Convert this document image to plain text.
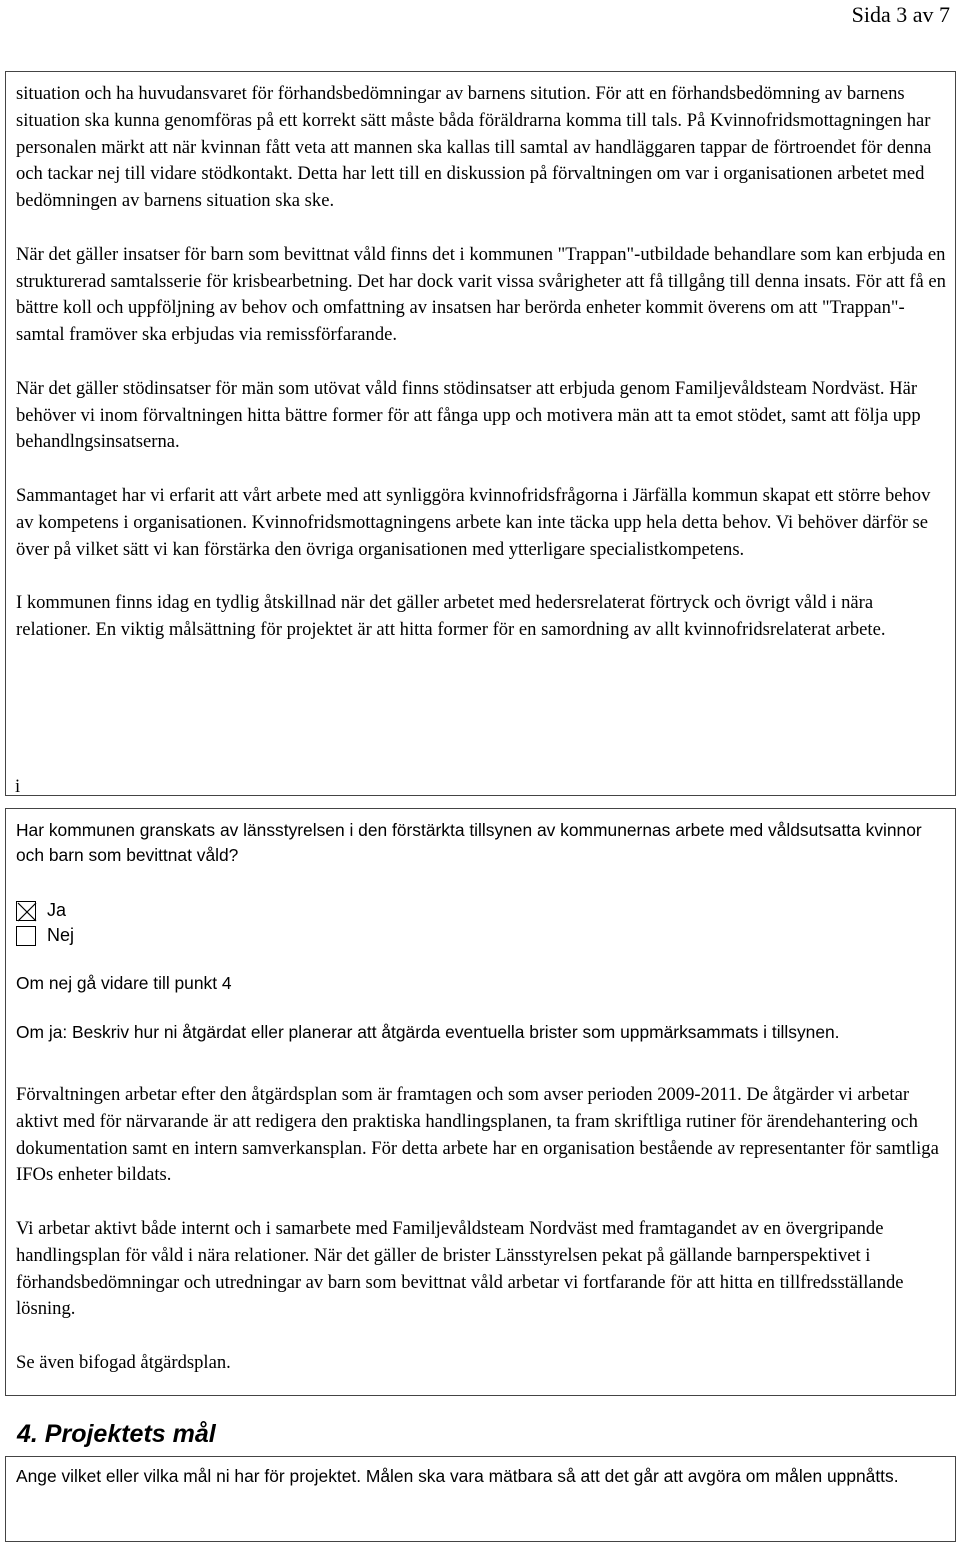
Sida 3 av 7

situation och ha huvudansvaret för förhandsbedömningar av barnens sitution. För att en förhandsbedömning av barnens situation ska kunna genomföras på ett korrekt sätt måste båda föräldrarna komma till tals. På Kvinnofridsmottagningen har personalen märkt att när kvinnan fått veta att mannen ska kallas till samtal av handläggaren tappar de förtroendet för denna och tackar nej till vidare stödkontakt. Detta har lett till en diskussion på förvaltningen om var i organisationen arbetet med bedömningen av barnens situation ska ske.

När det gäller insatser för barn som bevittnat våld finns det i kommunen "Trappan"-utbildade behandlare som kan erbjuda en strukturerad samtalsserie för krisbearbetning. Det har dock varit vissa svårigheter att få tillgång till denna insats. För att få en bättre koll och uppföljning av behov och omfattning av insatsen har berörda enheter kommit överens om att "Trappan"-samtal framöver ska erbjudas via remissförfarande.

När det gäller stödinsatser för män som utövat våld finns stödinsatser att erbjuda genom Familjevåldsteam Nordväst. Här behöver vi inom förvaltningen hitta bättre former för att fånga upp och motivera män att ta emot stödet, samt att följa upp behandlngsinsatserna.

Sammantaget har vi erfarit att vårt arbete med att synliggöra kvinnofridsfrågorna i Järfälla kommun skapat ett större behov av kompetens i organisationen. Kvinnofridsmottagningens arbete kan inte täcka upp hela detta behov. Vi behöver därför se över på vilket sätt vi kan förstärka den övriga organisationen med ytterligare specialistkompetens.

I kommunen finns idag en tydlig åtskillnad när det gäller arbetet med hedersrelaterat förtryck och övrigt våld i nära relationer. En viktig målsättning för projektet är att hitta former för en samordning av allt kvinnofridsrelaterat arbete.

i

Har kommunen granskats av länsstyrelsen i den förstärkta tillsynen av kommunernas arbete med våldsutsatta kvinnor och barn som bevittnat våld?

Ja
Nej

Om nej gå vidare till punkt 4

Om ja: Beskriv hur ni åtgärdat eller planerar att åtgärda eventuella brister som uppmärksammats i tillsynen.

Förvaltningen arbetar efter den åtgärdsplan som är framtagen och som avser perioden 2009-2011. De åtgärder vi arbetar aktivt med för närvarande är att redigera den praktiska handlingsplanen, ta fram skriftliga rutiner för ärendehantering och dokumentation samt en intern samverkansplan. För detta arbete har en organisation bestående av representanter för samtliga IFOs enheter bildats.

Vi arbetar aktivt både internt och i samarbete med Familjevåldsteam Nordväst med framtagandet av en övergripande handlingsplan för våld i nära relationer. När det gäller de brister Länsstyrelsen pekat på gällande barnperspektivet i förhandsbedömningar och utredningar av barn som bevittnat våld arbetar vi fortfarande för att hitta en tillfredsställande lösning.

Se även bifogad åtgärdsplan.

4. Projektets mål

Ange vilket eller vilka mål ni har för projektet. Målen ska vara mätbara så att det går att avgöra om målen uppnåtts.
